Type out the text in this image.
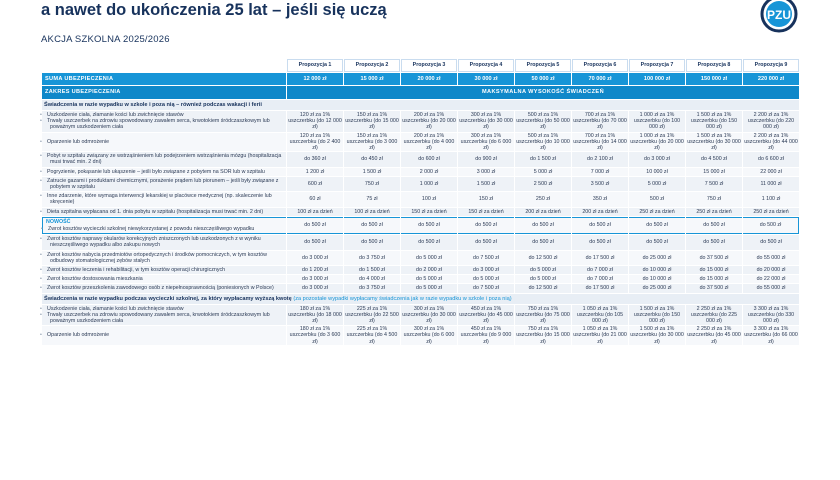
a nawet do ukończenia 25 lat – jeśli się uczą
AKCJA SZKOLNA 2025/2026
PZU
	Propozycja 1	Propozycja 2	Propozycja 3	Propozycja 4	Propozycja 5	Propozycja 6	Propozycja 7	Propozycja 8	Propozycja 9
SUMA UBEZPIECZENIA	12 000 zł	15 000 zł	20 000 zł	30 000 zł	50 000 zł	70 000 zł	100 000 zł	150 000 zł	220 000 zł
ZAKRES UBEZPIECZENIA	MAKSYMALNA WYSOKOŚĆ ŚWIADCZEŃ								
Świadczenia w razie wypadku w szkole i poza nią – również podczas wakacji i ferii									

• Uszkodzenie ciała, złamanie kości lub zwichnięcie stawów
• Trwały uszczerbek na zdrowiu spowodowany zawałem serca, krwotokiem śródczaszkowym lub poważnym uszkodzeniem ciała	120 zł za 1% uszczerbku (do 12 000 zł)	150 zł za 1% uszczerbku (do 15 000 zł)	200 zł za 1% uszczerbku (do 20 000 zł)	300 zł za 1% uszczerbku (do 30 000 zł)	500 zł za 1% uszczerbku (do 50 000 zł)	700 zł za 1% uszczerbku (do 70 000 zł)	1 000 zł za 1% uszczerbku (do 100 000 zł)	1 500 zł za 1% uszczerbku (do 150 000 zł)	2 200 zł za 1% uszczerbku (do 220 000 zł)

• Oparzenie lub odmrożenie	120 zł za 1% uszczerbku (do 2 400 zł)	150 zł za 1% uszczerbku (do 3 000 zł)	200 zł za 1% uszczerbku (do 4 000 zł)	300 zł za 1% uszczerbku (do 6 000 zł)	500 zł za 1% uszczerbku (do 10 000 zł)	700 zł za 1% uszczerbku (do 14 000 zł)	1 000 zł za 1% uszczerbku (do 20 000 zł)	1 500 zł za 1% uszczerbku (do 30 000 zł)	2 200 zł za 1% uszczerbku (do 44 000 zł)

• Pobyt w szpitalu związany ze wstrząśnieniem lub podejrzeniem wstrząśnienia mózgu (hospitalizacja musi trwać min. 2 dni)	do 360 zł	do 450 zł	do 600 zł	do 900 zł	do 1 500 zł	do 2 100 zł	do 3 000 zł	do 4 500 zł	do 6 600 zł

• Pogryzienie, pokąsanie lub ukąszenie – jeśli było związane z pobytem na SOR lub w szpitalu	1 200 zł	1 500 zł	2 000 zł	3 000 zł	5 000 zł	7 000 zł	10 000 zł	15 000 zł	22 000 zł

• Zatrucie gazami i produktami chemicznymi, porażenie prądem lub piorunem – jeśli były związane z pobytem w szpitalu	600 zł	750 zł	1 000 zł	1 500 zł	2 500 zł	3 500 zł	5 000 zł	7 500 zł	11 000 zł

• Inne zdarzenie, które wymaga interwencji lekarskiej w placówce medycznej (np. skaleczenie lub skręcenie)	60 zł	75 zł	100 zł	150 zł	250 zł	350 zł	500 zł	750 zł	1 100 zł

• Dieta szpitalna wypłacana od 1. dnia pobytu w szpitalu (hospitalizacja musi trwać min. 2 dni)	100 zł za dzień	100 zł za dzień	150 zł za dzień	150 zł za dzień	200 zł za dzień	200 zł za dzień	250 zł za dzień	250 zł za dzień	250 zł za dzień

NOWOŚĆ
• Zwrot kosztów wycieczki szkolnej niewykorzystanej z powodu nieszczęśliwego wypadku	do 500 zł	do 500 zł	do 500 zł	do 500 zł	do 500 zł	do 500 zł	do 500 zł	do 500 zł	do 500 zł

• Zwrot kosztów naprawy okularów korekcyjnych zniszczonych lub uszkodzonych z w wyniku nieszczęśliwego wypadku albo zakupu nowych	do 500 zł	do 500 zł	do 500 zł	do 500 zł	do 500 zł	do 500 zł	do 500 zł	do 500 zł	do 500 zł

• Zwrot kosztów nabycia przedmiotów ortopedycznych i środków pomocniczych, w tym kosztów odbudowy stomatologicznej zębów stałych	do 3 000 zł	do 3 750 zł	do 5 000 zł	do 7 500 zł	do 12 500 zł	do 17 500 zł	do 25 000 zł	do 37 500 zł	do 55 000 zł

• Zwrot kosztów leczenia i rehabilitacji, w tym kosztów operacji chirurgicznych	do 1 200 zł	do 1 500 zł	do 2 000 zł	do 3 000 zł	do 5 000 zł	do 7 000 zł	do 10 000 zł	do 15 000 zł	do 20 000 zł

• Zwrot kosztów dostosowania mieszkania	do 3 000 zł	do 4 000 zł	do 5 000 zł	do 5 000 zł	do 5 000 zł	do 7 000 zł	do 10 000 zł	do 15 000 zł	do 22 000 zł

• Zwrot kosztów przeszkolenia zawodowego osób z niepełnosprawnością (poniesionych w Polsce)	do 3 000 zł	do 3 750 zł	do 5 000 zł	do 7 500 zł	do 12 500 zł	do 17 500 zł	do 25 000 zł	do 37 500 zł	do 55 000 zł
Świadczenia w razie wypadku podczas wycieczki szkolnej, za który wypłacamy wyższą kwotę (za pozostałe wypadki wypłacamy świadczenia jak w razie wypadku w szkole i poza nią)									

• Uszkodzenie ciała, złamanie kości lub zwichnięcie stawów
• Trwały uszczerbek na zdrowiu spowodowany zawałem serca, krwotokiem śródczaszkowym lub poważnym uszkodzeniem ciała	180 zł za 1% uszczerbku (do 18 000 zł)	225 zł za 1% uszczerbku (do 22 500 zł)	300 zł za 1% uszczerbku (do 30 000 zł)	450 zł za 1% uszczerbku (do 45 000 zł)	750 zł za 1% uszczerbku (do 75 000 zł)	1 050 zł za 1% uszczerbku (do 105 000 zł)	1 500 zł za 1% uszczerbku (do 150 000 zł)	2 250 zł za 1% uszczerbku (do 225 000 zł)	3 300 zł za 1% uszczerbku (do 330 000 zł)

• Oparzenie lub odmrożenie	180 zł za 1% uszczerbku (do 3 600 zł)	225 zł za 1% uszczerbku (do 4 500 zł)	300 zł za 1% uszczerbku (do 6 000 zł)	450 zł za 1% uszczerbku (do 9 000 zł)	750 zł za 1% uszczerbku (do 15 000 zł)	1 050 zł za 1% uszczerbku (do 21 000 zł)	1 500 zł za 1% uszczerbku (do 30 000 zł)	2 250 zł za 1% uszczerbku (do 45 000 zł)	3 300 zł za 1% uszczerbku (do 66 000 zł)
